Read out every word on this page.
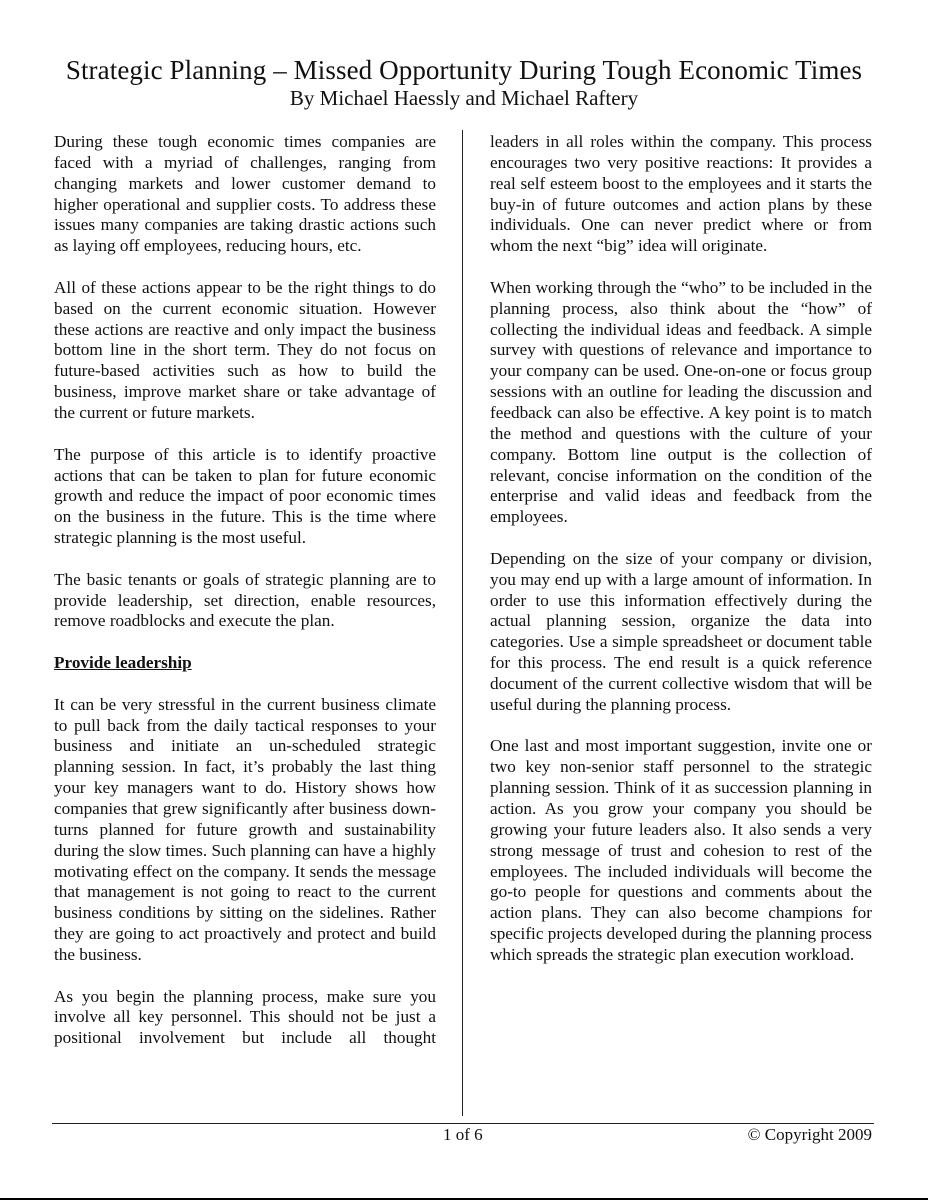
Strategic Planning – Missed Opportunity During Tough Economic Times
By Michael Haessly and Michael Raftery

During these tough economic times companies are faced with a myriad of challenges, ranging from changing markets and lower customer demand to higher operational and supplier costs. To address these issues many companies are taking drastic actions such as laying off employees, reducing hours, etc.

All of these actions appear to be the right things to do based on the current economic situation. However these actions are reactive and only impact the business bottom line in the short term. They do not focus on future-based activities such as how to build the business, improve market share or take advantage of the current or future markets.

The purpose of this article is to identify proactive actions that can be taken to plan for future economic growth and reduce the impact of poor economic times on the business in the future. This is the time where strategic planning is the most useful.

The basic tenants or goals of strategic planning are to provide leadership, set direction, enable resources, remove roadblocks and execute the plan.

Provide leadership

It can be very stressful in the current business climate to pull back from the daily tactical responses to your business and initiate an un-scheduled strategic planning session. In fact, it’s probably the last thing your key managers want to do. History shows how companies that grew significantly after business down-turns planned for future growth and sustainability during the slow times. Such planning can have a highly motivating effect on the company. It sends the message that management is not going to react to the current business conditions by sitting on the sidelines. Rather they are going to act proactively and protect and build the business.

As you begin the planning process, make sure you involve all key personnel. This should not be just a positional involvement but include all thought

leaders in all roles within the company. This process encourages two very positive reactions: It provides a real self esteem boost to the employees and it starts the buy-in of future outcomes and action plans by these individuals. One can never predict where or from whom the next “big” idea will originate.

When working through the “who” to be included in the planning process, also think about the “how” of collecting the individual ideas and feedback. A simple survey with questions of relevance and importance to your company can be used. One-on-one or focus group sessions with an outline for leading the discussion and feedback can also be effective. A key point is to match the method and questions with the culture of your company. Bottom line output is the collection of relevant, concise information on the condition of the enterprise and valid ideas and feedback from the employees.

Depending on the size of your company or division, you may end up with a large amount of information. In order to use this information effectively during the actual planning session, organize the data into categories. Use a simple spreadsheet or document table for this process. The end result is a quick reference document of the current collective wisdom that will be useful during the planning process.

One last and most important suggestion, invite one or two key non-senior staff personnel to the strategic planning session. Think of it as succession planning in action. As you grow your company you should be growing your future leaders also. It also sends a very strong message of trust and cohesion to rest of the employees. The included individuals will become the go-to people for questions and comments about the action plans. They can also become champions for specific projects developed during the planning process which spreads the strategic plan execution workload.

1 of 6	© Copyright 2009
